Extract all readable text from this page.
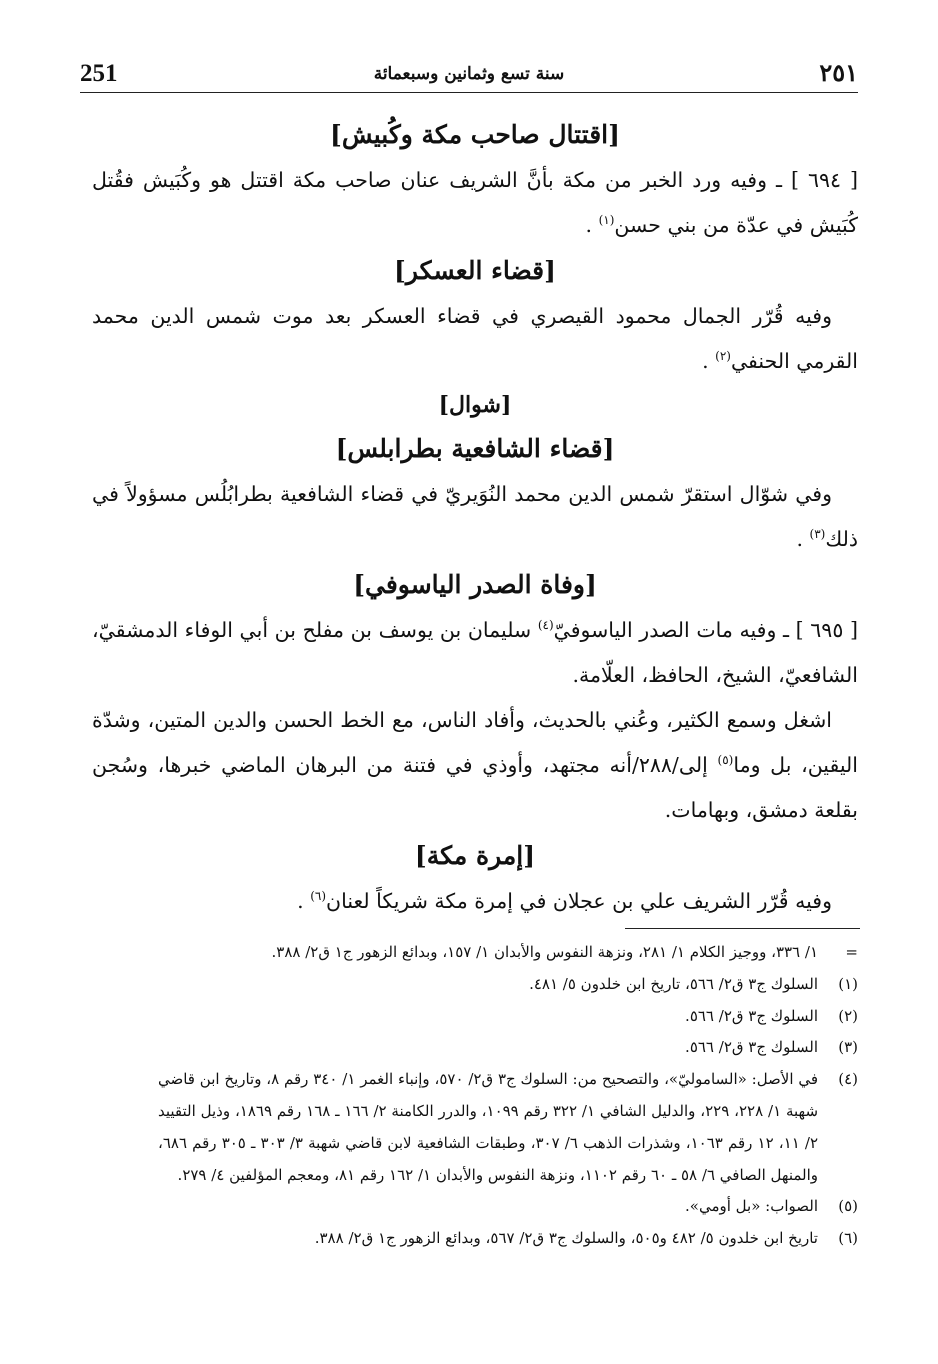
251	سنة تسع وثمانين وسبعمائة	٢٥١
[اقتتال صاحب مكة وكُبيش]

[ ٦٩٤ ] ـ وفيه ورد الخبر من مكة بأنَّ الشريف عنان صاحب مكة اقتتل هو وكُبَيش فقُتل كُبَيش في عدّة من بني حسن$^{(١)}$ .

[قضاء العسكر]

وفيه قُرّر الجمال محمود القيصري في قضاء العسكر بعد موت شمس الدين محمد القرمي الحنفي$^{(٢)}$ .

[شوال]
[قضاء الشافعية بطرابلس]

وفي شوّال استقرّ شمس الدين محمد النُوَيريّ في قضاء الشافعية بطرابُلُس مسؤولاً في ذلك$^{(٣)}$ .

[وفاة الصدر الياسوفي]

[ ٦٩٥ ] ـ وفيه مات الصدر الياسوفيّ$^{(٤)}$ سليمان بن يوسف بن مفلح بن أبي الوفاء الدمشقيّ، الشافعيّ، الشيخ، الحافظ، العلّامة.

اشغل وسمع الكثير، وعُني بالحديث، وأفاد الناس، مع الخط الحسن والدين المتين، وشدّة اليقين، بل وما$^{(٥)}$ إلى/٢٨٨/أنه مجتهد، وأوذي في فتنة من البرهان الماضي خبرها، وسُجن بقلعة دمشق، وبهامات.

[إمرة مكة]

وفيه قُرّر الشريف علي بن عجلان في إمرة مكة شريكاً لعنان$^{(٦)}$ .

=
١/ ٣٣٦، ووجيز الكلام ١/ ٢٨١، ونزهة النفوس والأبدان ١/ ١٥٧، وبدائع الزهور ج١ ق٢/ ٣٨٨.
(١)
السلوك ج٣ ق٢/ ٥٦٦، تاريخ ابن خلدون ٥/ ٤٨١.
(٢)
السلوك ج٣ ق٢/ ٥٦٦.
(٣)
السلوك ج٣ ق٢/ ٥٦٦.
(٤)
في الأصل: «الساموليّ»، والتصحيح من: السلوك ج٣ ق٢/ ٥٧٠، وإنباء الغمر ١/ ٣٤٠ رقم ٨، وتاريخ ابن قاضي شهبة ١/ ٢٢٨، ٢٢٩، والدليل الشافي ١/ ٣٢٢ رقم ١٠٩٩، والدرر الكامنة ٢/ ١٦٦ ـ ١٦٨ رقم ١٨٦٩، وذيل التقييد ٢/ ١١، ١٢ رقم ١٠٦٣، وشذرات الذهب ٦/ ٣٠٧، وطبقات الشافعية لابن قاضي شهبة ٣/ ٣٠٣ ـ ٣٠٥ رقم ٦٨٦، والمنهل الصافي ٦/ ٥٨ ـ ٦٠ رقم ١١٠٢، ونزهة النفوس والأبدان ١/ ١٦٢ رقم ٨١، ومعجم المؤلفين ٤/ ٢٧٩.
(٥)
الصواب: «بل أومي».
(٦)
تاريخ ابن خلدون ٥/ ٤٨٢ و٥٠٥، والسلوك ج٣ ق٢/ ٥٦٧، وبدائع الزهور ج١ ق٢/ ٣٨٨.
